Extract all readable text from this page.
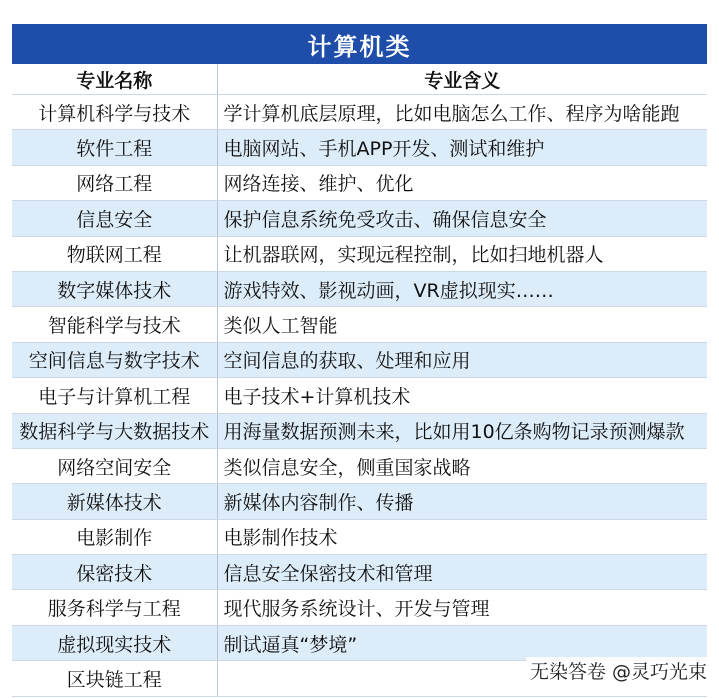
计算机类
专业名称	专业含义
计算机科学与技术	学计算机底层原理，比如电脑怎么工作、程序为啥能跑
软件工程	电脑网站、手机APP开发、测试和维护
网络工程	网络连接、维护、优化
信息安全	保护信息系统免受攻击、确保信息安全
物联网工程	让机器联网，实现远程控制，比如扫地机器人
数字媒体技术	游戏特效、影视动画，VR虚拟现实……
智能科学与技术	类似人工智能
空间信息与数字技术	空间信息的获取、处理和应用
电子与计算机工程	电子技术+计算机技术
数据科学与大数据技术	用海量数据预测未来，比如用10亿条购物记录预测爆款
网络空间安全	类似信息安全，侧重国家战略
新媒体技术	新媒体内容制作、传播
电影制作	电影制作技术
保密技术	信息安全保密技术和管理
服务科学与工程	现代服务系统设计、开发与管理
虚拟现实技术	制试逼真“梦境”
区块链工程		无染答卷 @灵巧光束
